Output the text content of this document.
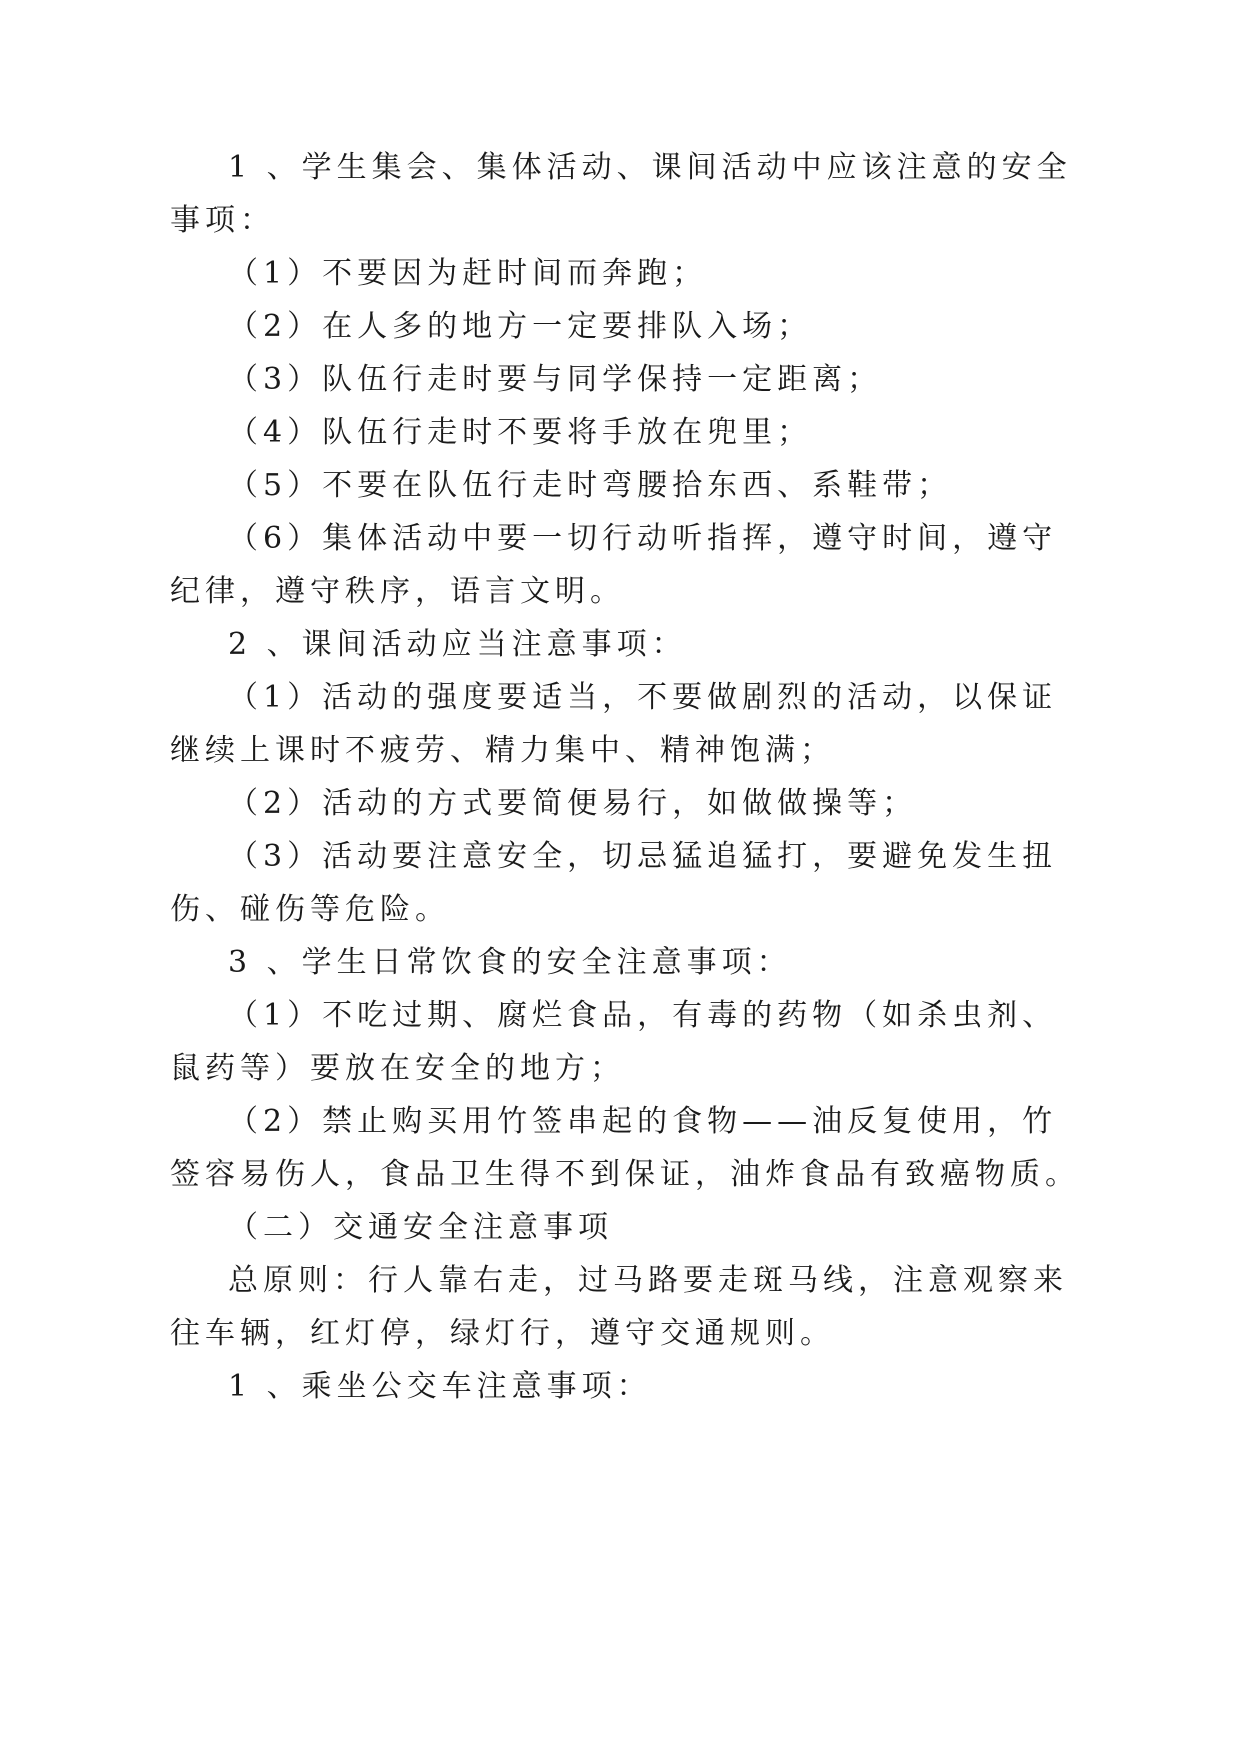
1 、学生集会、集体活动、课间活动中应该注意的安全
事项：
（1）不要因为赶时间而奔跑；
（2）在人多的地方一定要排队入场；
（3）队伍行走时要与同学保持一定距离；
（4）队伍行走时不要将手放在兜里；
（5）不要在队伍行走时弯腰拾东西、系鞋带；
（6）集体活动中要一切行动听指挥，遵守时间，遵守
纪律，遵守秩序，语言文明。
2 、课间活动应当注意事项：
（1）活动的强度要适当，不要做剧烈的活动，以保证
继续上课时不疲劳、精力集中、精神饱满；
（2）活动的方式要简便易行，如做做操等；
（3）活动要注意安全，切忌猛追猛打，要避免发生扭
伤、碰伤等危险。
3 、学生日常饮食的安全注意事项：
（1）不吃过期、腐烂食品，有毒的药物（如杀虫剂、
鼠药等）要放在安全的地方；
（2）禁止购买用竹签串起的食物——油反复使用，竹
签容易伤人，食品卫生得不到保证，油炸食品有致癌物质。
（二）交通安全注意事项
总原则：行人靠右走，过马路要走斑马线，注意观察来
往车辆，红灯停，绿灯行，遵守交通规则。
1 、乘坐公交车注意事项：
